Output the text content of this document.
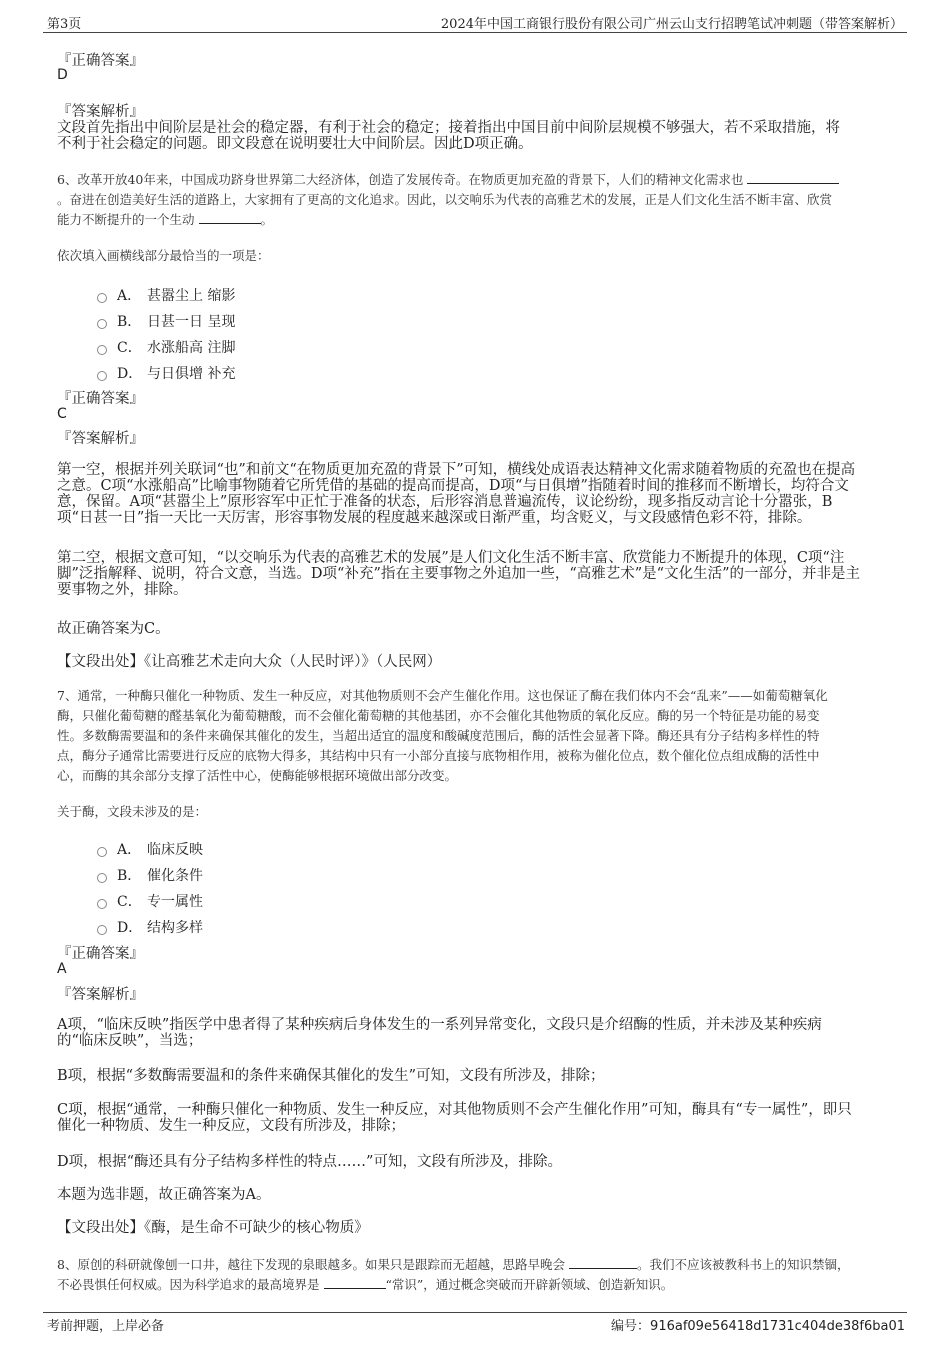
第3页	2024年中国工商银行股份有限公司广州云山支行招聘笔试冲刺题（带答案解析）
『正确答案』
D
『答案解析』
文段首先指出中间阶层是社会的稳定器，有利于社会的稳定；接着指出中国目前中间阶层规模不够强大，若不采取措施，将
不利于社会稳定的问题。即文段意在说明要壮大中间阶层。因此D项正确。
6、改革开放40年来，中国成功跻身世界第二大经济体，创造了发展传奇。在物质更加充盈的背景下，人们的精神文化需求也
。奋进在创造美好生活的道路上，大家拥有了更高的文化追求。因此，以交响乐为代表的高雅艺术的发展，正是人们文化生活不断丰富、欣赏
能力不断提升的一个生动	。
依次填入画横线部分最恰当的一项是：
A． 甚嚣尘上 缩影
B． 日甚一日 呈现
C． 水涨船高 注脚
D． 与日俱增 补充
『正确答案』
C
『答案解析』
第一空，根据并列关联词“也”和前文“在物质更加充盈的背景下”可知，横线处成语表达精神文化需求随着物质的充盈也在提高
之意。C项“水涨船高”比喻事物随着它所凭借的基础的提高而提高，D项“与日俱增”指随着时间的推移而不断增长，均符合文
意，保留。A项“甚嚣尘上”原形容军中正忙于准备的状态，后形容消息普遍流传，议论纷纷，现多指反动言论十分嚣张，B
项“日甚一日”指一天比一天厉害，形容事物发展的程度越来越深或日渐严重，均含贬义，与文段感情色彩不符，排除。
第二空，根据文意可知，“以交响乐为代表的高雅艺术的发展”是人们文化生活不断丰富、欣赏能力不断提升的体现，C项“注
脚”泛指解释、说明，符合文意，当选。D项“补充”指在主要事物之外追加一些，“高雅艺术”是“文化生活”的一部分，并非是主
要事物之外，排除。
故正确答案为C。
【文段出处】《让高雅艺术走向大众（人民时评）》（人民网）
7、通常，一种酶只催化一种物质、发生一种反应，对其他物质则不会产生催化作用。这也保证了酶在我们体内不会“乱来”——如葡萄糖氧化
酶，只催化葡萄糖的醛基氧化为葡萄糖酸，而不会催化葡萄糖的其他基团，亦不会催化其他物质的氧化反应。酶的另一个特征是功能的易变
性。多数酶需要温和的条件来确保其催化的发生，当超出适宜的温度和酸碱度范围后，酶的活性会显著下降。酶还具有分子结构多样性的特
点，酶分子通常比需要进行反应的底物大得多，其结构中只有一小部分直接与底物相作用，被称为催化位点，数个催化位点组成酶的活性中
心，而酶的其余部分支撑了活性中心，使酶能够根据环境做出部分改变。
关于酶，文段未涉及的是：
A． 临床反映
B． 催化条件
C． 专一属性
D． 结构多样
『正确答案』
A
『答案解析』
A项，“临床反映”指医学中患者得了某种疾病后身体发生的一系列异常变化，文段只是介绍酶的性质，并未涉及某种疾病
的“临床反映”，当选；
B项，根据“多数酶需要温和的条件来确保其催化的发生”可知，文段有所涉及，排除；
C项，根据“通常，一种酶只催化一种物质、发生一种反应，对其他物质则不会产生催化作用”可知，酶具有“专一属性”，即只
催化一种物质、发生一种反应，文段有所涉及，排除；
D项，根据“酶还具有分子结构多样性的特点……”可知，文段有所涉及，排除。
本题为选非题，故正确答案为A。
【文段出处】《酶，是生命不可缺少的核心物质》
8、原创的科研就像刨一口井，越往下发现的泉眼越多。如果只是跟踪而无超越，思路早晚会	。我们不应该被教科书上的知识禁锢，
不必畏惧任何权威。因为科学追求的最高境界是	“常识”，通过概念突破而开辟新领域、创造新知识。
考前押题，上岸必备	编号：916af09e56418d1731c404de38f6ba01
